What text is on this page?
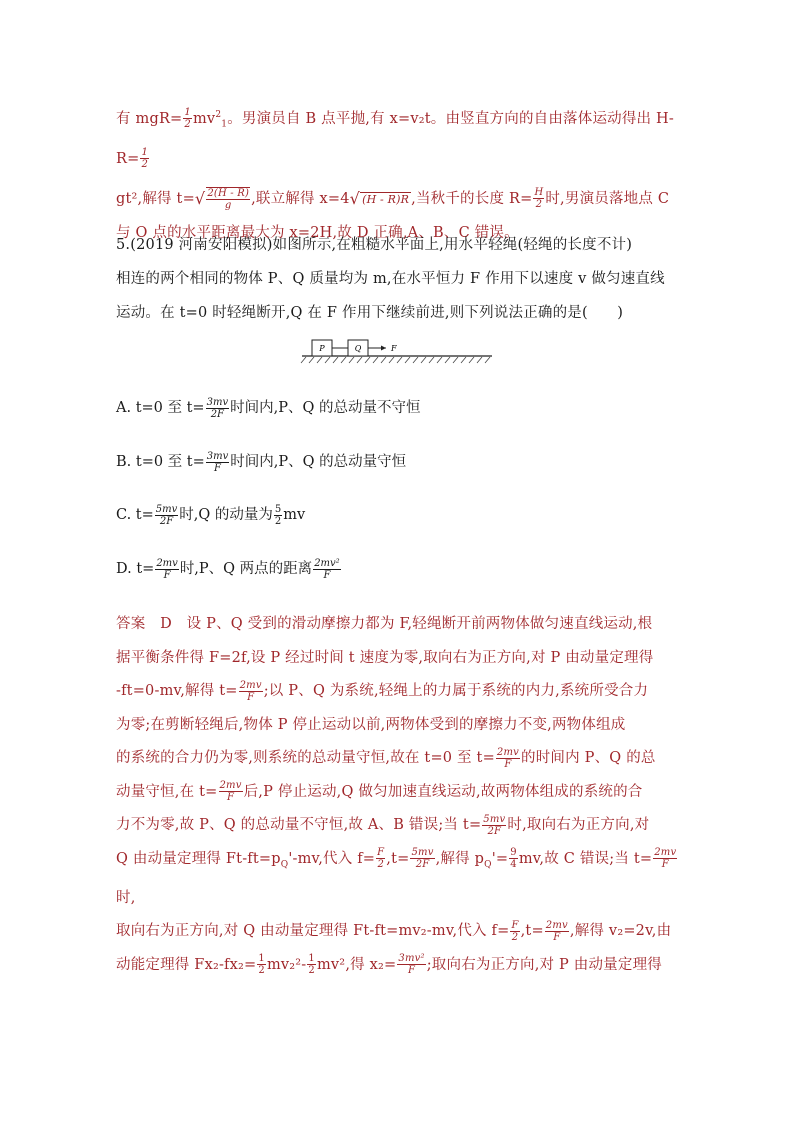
有 $mgR= \frac{1}{2} mv^2_1$。男演员自 B 点平抛,有 x=v₂t。由竖直方向的自由落体运动得出 $H-R= \frac{1}{2}$
gt²,解得 $t=√ \frac{2(H - R)}{g}$ ,联立解得 x=4√ (H - R)R ,当秋千的长度 $R= \frac{H}{2}$ 时,男演员落地点 C
与 O 点的水平距离最大为 x=2H,故 D 正确,A、B、C 错误。
5.(2019 河南安阳模拟)如图所示,在粗糙水平面上,用水平轻绳(轻绳的长度不计)
相连的两个相同的物体 P、Q 质量均为 m,在水平恒力 F 作用下以速度 v 做匀速直线
运动。在 t=0 时轻绳断开,Q 在 F 作用下继续前进,则下列说法正确的是(　　)
P	Q	F
A. t=0 至 $t= \frac{3mv}{2F}$ 时间内,P、Q 的总动量不守恒
B. t=0 至 $t= \frac{3mv}{F}$ 时间内,P、Q 的总动量守恒
C. $t= \frac{5mv}{2F}$ 时,Q 的动量为 $\frac{5}{2}$ mv
D. $t= \frac{2mv}{F}$ 时,P、Q 两点的距离 $\frac{\text{2mv²}}{F}$
答案　D　设 P、Q 受到的滑动摩擦力都为 F,轻绳断开前两物体做匀速直线运动,根
据平衡条件得 F=2f,设 P 经过时间 t 速度为零,取向右为正方向,对 P 由动量定理得
-ft=0-mv,解得 $t= \frac{2mv}{F}$ ;以 P、Q 为系统,轻绳上的力属于系统的内力,系统所受合力
为零;在剪断轻绳后,物体 P 停止运动以前,两物体受到的摩擦力不变,两物体组成
的系统的合力仍为零,则系统的总动量守恒,故在 t=0 至 $t= \frac{2mv}{F}$ 的时间内 P、Q 的总
动量守恒,在 $t= \frac{2mv}{F}$ 后,P 停止运动,Q 做匀加速直线运动,故两物体组成的系统的合
力不为零,故 P、Q 的总动量不守恒,故 A、B 错误;当 $t= \frac{5mv}{2F}$ 时,取向右为正方向,对
Q 由动量定理得 $Ft-ft=p_Q'-mv$,代入 $f= \frac{F}{2} ,t= \frac{5mv}{2F}$ ,解得 $p_Q'= \frac{9}{4}$ mv,故 C 错误;当 $t= \frac{2mv}{F}$
时,
取向右为正方向,对 Q 由动量定理得 Ft-ft=mv₂-mv,代入 $f= \frac{F}{2} ,t= \frac{2mv}{F}$ ,解得 v₂=2v,由
动能定理得 $Fx_2-fx_2= \frac{1}{2} mv_2^2- \frac{1}{2} mv^2$,得 $x_2= \frac{\text{3mv²}}{F}$ ;取向右为正方向,对 P 由动量定理得
